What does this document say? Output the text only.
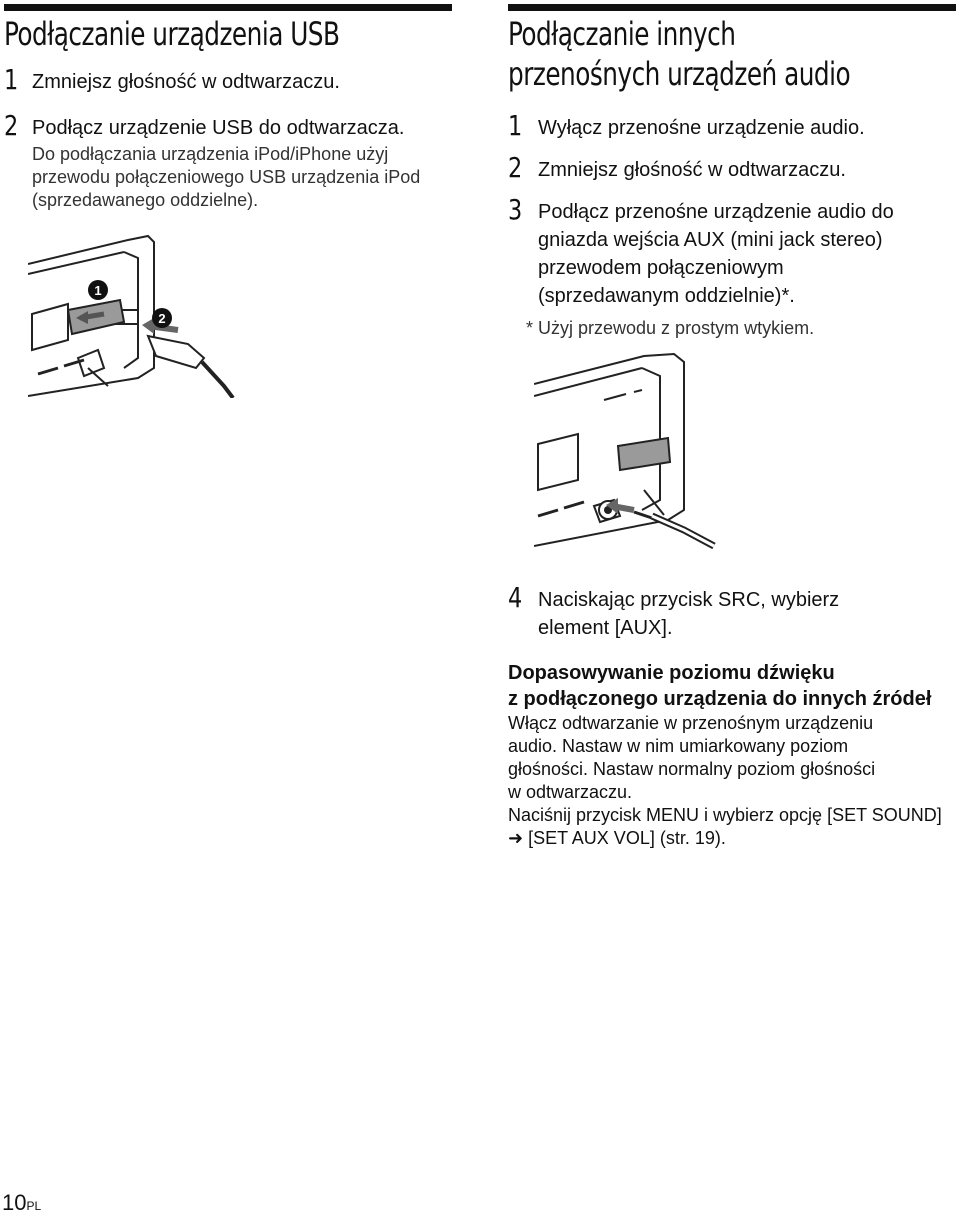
Podłączanie urządzenia USB
1 Zmniejsz głośność w odtwarzaczu.
2 Podłącz urządzenie USB do odtwarzacza.
Do podłączania urządzenia iPod/iPhone użyj
przewodu połączeniowego USB urządzenia iPod
(sprzedawanego oddzielne).
1
2
Podłączanie innych
przenośnych urządzeń audio
1 Wyłącz przenośne urządzenie audio.
2 Zmniejsz głośność w odtwarzaczu.
3 Podłącz przenośne urządzenie audio do
gniazda wejścia AUX (mini jack stereo)
przewodem połączeniowym
(sprzedawanym oddzielnie)*.
* Użyj przewodu z prostym wtykiem.
4 Naciskając przycisk SRC, wybierz
element [AUX].
Dopasowywanie poziomu dźwięku
z podłączonego urządzenia do innych źródeł
Włącz odtwarzanie w przenośnym urządzeniu
audio. Nastaw w nim umiarkowany poziom
głośności. Nastaw normalny poziom głośności
w odtwarzaczu.
Naciśnij przycisk MENU i wybierz opcję [SET SOUND]
➜ [SET AUX VOL] (str. 19).
10PL
